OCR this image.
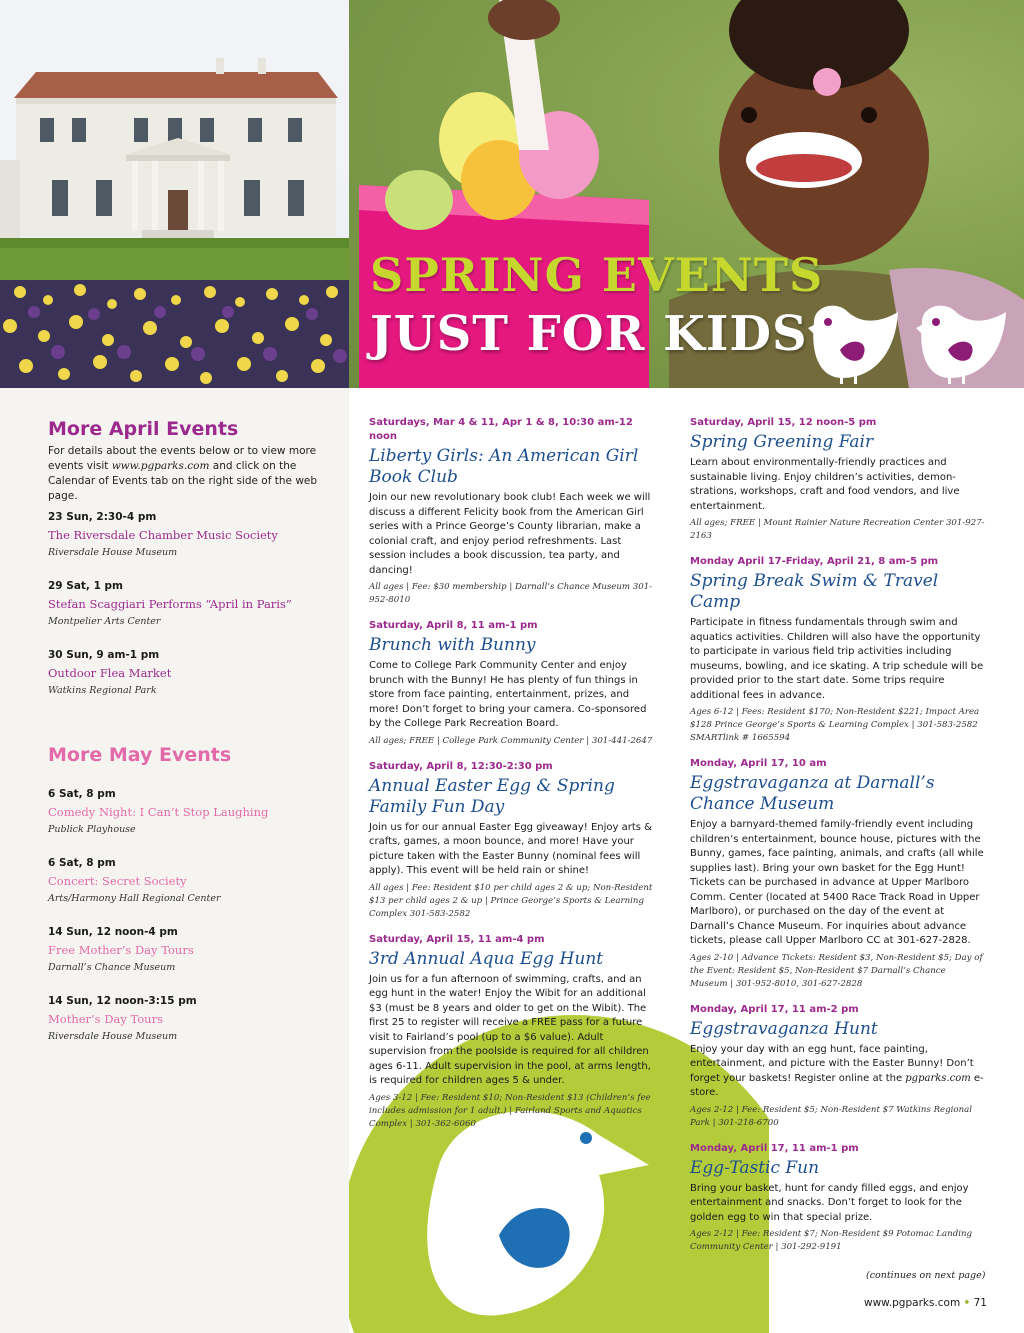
SPRING EVENTS
JUST FOR KIDS
More April Events

For details about the events below or to view more events visit www.pgparks.com and click on the Calendar of Events tab on the right side of the web page.

23 Sun, 2:30-4 pm
The Riversdale Chamber Music Society
Riversdale House Museum
29 Sat, 1 pm
Stefan Scaggiari Performs “April in Paris”
Montpelier Arts Center
30 Sun, 9 am-1 pm
Outdoor Flea Market
Watkins Regional Park
More May Events
6 Sat, 8 pm
Comedy Night: I Can’t Stop Laughing
Publick Playhouse
6 Sat, 8 pm
Concert: Secret Society
Arts/Harmony Hall Regional Center
14 Sun, 12 noon-4 pm
Free Mother’s Day Tours
Darnall’s Chance Museum
14 Sun, 12 noon-3:15 pm
Mother’s Day Tours
Riversdale House Museum
Saturdays, Mar 4 & 11, Apr 1 & 8, 10:30 am-12 noon
Liberty Girls: An American Girl Book Club
Join our new revolutionary book club! Each week we will discuss a different Felicity book from the American Girl series with a Prince George’s County librarian, make a colonial craft, and enjoy period refreshments. Last session includes a book discussion, tea party, and dancing!
All ages | Fee: $30 membership | Darnall’s Chance Museum 301-952-8010
Saturday, April 8, 11 am-1 pm
Brunch with Bunny
Come to College Park Community Center and enjoy brunch with the Bunny! He has plenty of fun things in store from face painting, entertainment, prizes, and more! Don’t forget to bring your camera. Co-sponsored by the College Park Recreation Board.
All ages; FREE | College Park Community Center | 301-441-2647
Saturday, April 8, 12:30-2:30 pm
Annual Easter Egg & Spring Family Fun Day
Join us for our annual Easter Egg giveaway! Enjoy arts & crafts, games, a moon bounce, and more! Have your picture taken with the Easter Bunny (nominal fees will apply). This event will be held rain or shine!
All ages | Fee: Resident $10 per child ages 2 & up; Non-Resident $13 per child ages 2 & up | Prince George’s Sports & Learning Complex 301-583-2582
Saturday, April 15, 11 am-4 pm
3rd Annual Aqua Egg Hunt
Join us for a fun afternoon of swimming, crafts, and an egg hunt in the water! Enjoy the Wibit for an additional $3 (must be 8 years and older to get on the Wibit). The first 25 to register will receive a FREE pass for a future visit to Fairland’s pool (up to a $6 value). Adult supervision from the poolside is required for all children ages 6-11. Adult supervision in the pool, at arms length, is required for children ages 5 & under.
Ages 3-12 | Fee: Resident $10; Non-Resident $13 (Children’s fee includes admission for 1 adult.) | Fairland Sports and Aquatics Complex | 301-362-6060
Saturday, April 15, 12 noon-5 pm
Spring Greening Fair
Learn about environmentally-friendly practices and sustainable living. Enjoy children’s activities, demonstrations, workshops, craft and food vendors, and live entertainment.
All ages; FREE | Mount Rainier Nature Recreation Center 301-927-2163
Monday April 17-Friday, April 21, 8 am-5 pm
Spring Break Swim & Travel Camp
Participate in fitness fundamentals through swim and aquatics activities. Children will also have the opportunity to participate in various field trip activities including museums, bowling, and ice skating. A trip schedule will be provided prior to the start date. Some trips require additional fees in advance.
Ages 6-12 | Fees: Resident $170; Non-Resident $221; Impact Area $128 Prince George’s Sports & Learning Complex | 301-583-2582 SMARTlink # 1665594
Monday, April 17, 10 am
Eggstravaganza at Darnall’s Chance Museum
Enjoy a barnyard-themed family-friendly event including children’s entertainment, bounce house, pictures with the Bunny, games, face painting, animals, and crafts (all while supplies last). Bring your own basket for the Egg Hunt! Tickets can be purchased in advance at Upper Marlboro Comm. Center (located at 5400 Race Track Road in Upper Marlboro), or purchased on the day of the event at Darnall’s Chance Museum. For inquiries about advance tickets, please call Upper Marlboro CC at 301-627-2828.
Ages 2-10 | Advance Tickets: Resident $3, Non-Resident $5; Day of the Event: Resident $5, Non-Resident $7 Darnall’s Chance Museum | 301-952-8010, 301-627-2828
Monday, April 17, 11 am-2 pm
Eggstravaganza Hunt
Enjoy your day with an egg hunt, face painting, entertainment, and picture with the Easter Bunny! Don’t forget your baskets! Register online at the pgparks.com e-store.
Ages 2-12 | Fee: Resident $5; Non-Resident $7 Watkins Regional Park | 301-218-6700
Monday, April 17, 11 am-1 pm
Egg-Tastic Fun
Bring your basket, hunt for candy filled eggs, and enjoy entertainment and snacks. Don’t forget to look for the golden egg to win that special prize.
Ages 2-12 | Fee: Resident $7; Non-Resident $9 Potomac Landing Community Center | 301-292-9191
(continues on next page)
www.pgparks.com • 71
